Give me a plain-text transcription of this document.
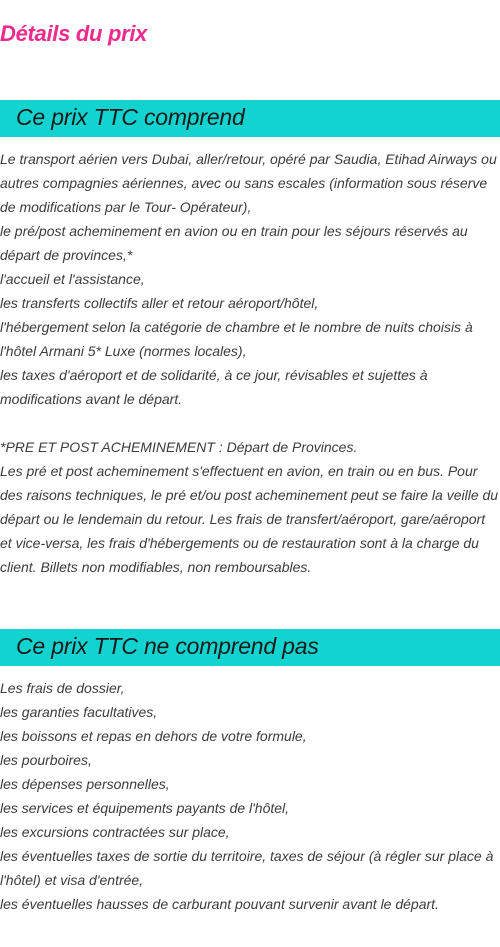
Détails du prix
Ce prix TTC comprend

Le transport aérien vers Dubai, aller/retour, opéré par Saudia, Etihad Airways ou autres compagnies aériennes, avec ou sans escales (information sous réserve de modifications par le Tour- Opérateur),

le pré/post acheminement en avion ou en train pour les séjours réservés au départ de provinces,*

l'accueil et l'assistance,

les transferts collectifs aller et retour aéroport/hôtel,

l'hébergement selon la catégorie de chambre et le nombre de nuits choisis à l'hôtel Armani 5* Luxe (normes locales),

les taxes d'aéroport et de solidarité, à ce jour, révisables et sujettes à modifications avant le départ.

*PRE ET POST ACHEMINEMENT : Départ de Provinces.

Les pré et post acheminement s'effectuent en avion, en train ou en bus. Pour des raisons techniques, le pré et/ou post acheminement peut se faire la veille du départ ou le lendemain du retour. Les frais de transfert/aéroport, gare/aéroport et vice-versa, les frais d'hébergements ou de restauration sont à la charge du client. Billets non modifiables, non remboursables.

Ce prix TTC ne comprend pas

Les frais de dossier,

les garanties facultatives,

les boissons et repas en dehors de votre formule,

les pourboires,

les dépenses personnelles,

les services et équipements payants de l'hôtel,

les excursions contractées sur place,

les éventuelles taxes de sortie du territoire, taxes de séjour (à régler sur place à l'hôtel) et visa d'entrée,

les éventuelles hausses de carburant pouvant survenir avant le départ.
